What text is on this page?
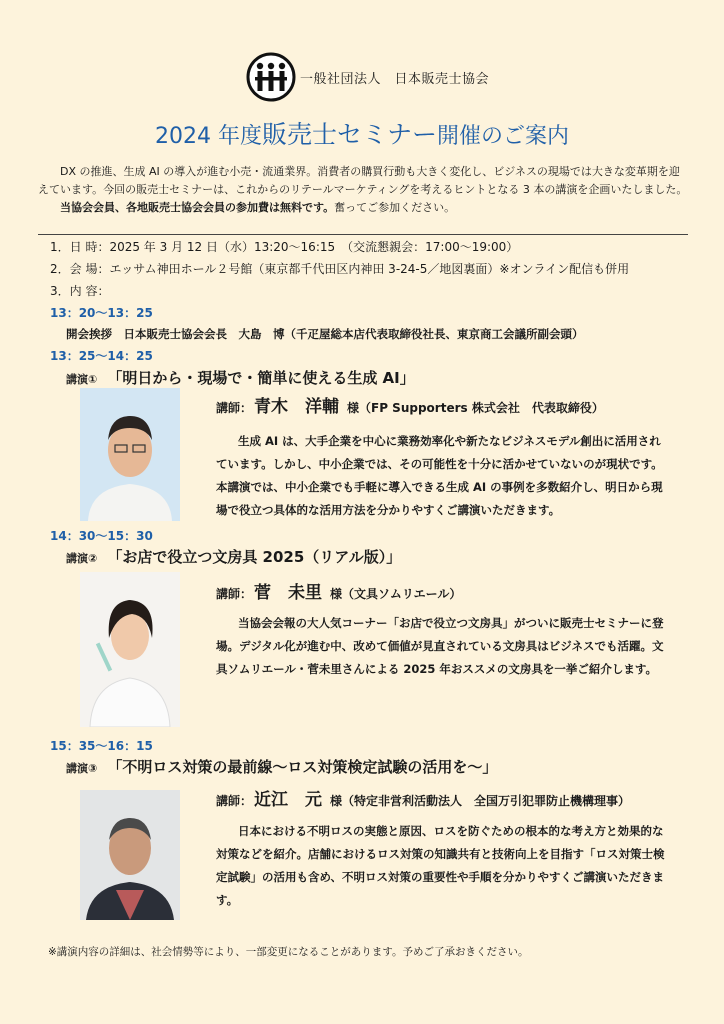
一般社団法人　日本販売士協会
2024 年度販売士セミナー開催のご案内

DX の推進、生成 AI の導入が進む小売・流通業界。消費者の購買行動も大きく変化し、ビジネスの現場では大きな変革期を迎えています。今回の販売士セミナーは、これからのリテールマーケティングを考えるヒントとなる 3 本の講演を企画いたしました。

当協会会員、各地販売士協会会員の参加費は無料です。奮ってご参加ください。

1．日 時：2025 年 3 月 12 日（水）13:20～16:15　（交流懇親会：17:00～19:00）
2．会 場：エッサム神田ホール２号館（東京都千代田区内神田 3-24-5／地図裏面）※オンライン配信も併用
3．内 容：
13：20～13：25
開会挨拶　日本販売士協会会長　大島　博（千疋屋総本店代表取締役社長、東京商工会議所副会頭）
13：25～14：25
講演① 「明日から・現場で・簡単に使える生成 AI」
講師： 青木　洋輔 様（FP Supporters 株式会社　代表取締役）

生成 AI は、大手企業を中心に業務効率化や新たなビジネスモデル創出に活用されています。しかし、中小企業では、その可能性を十分に活かせていないのが現状です。本講演では、中小企業でも手軽に導入できる生成 AI の事例を多数紹介し、明日から現場で役立つ具体的な活用方法を分かりやすくご講演いただきます。

14：30～15：30
講演② 「お店で役立つ文房具 2025（リアル版）」
講師： 菅　未里 様（文具ソムリエール）

当協会会報の大人気コーナー「お店で役立つ文房具」がついに販売士セミナーに登場。デジタル化が進む中、改めて価値が見直されている文房具はビジネスでも活躍。文具ソムリエール・菅未里さんによる 2025 年おススメの文房具を一挙ご紹介します。

15：35～16：15
講演③ 「不明ロス対策の最前線～ロス対策検定試験の活用を～」
講師： 近江　元 様（特定非営利活動法人　全国万引犯罪防止機構理事）

日本における不明ロスの実態と原因、ロスを防ぐための根本的な考え方と効果的な対策などを紹介。店舗におけるロス対策の知識共有と技術向上を目指す「ロス対策士検定試験」の活用も含め、不明ロス対策の重要性や手順を分かりやすくご講演いただきます。

※講演内容の詳細は、社会情勢等により、一部変更になることがあります。予めご了承おきください。
